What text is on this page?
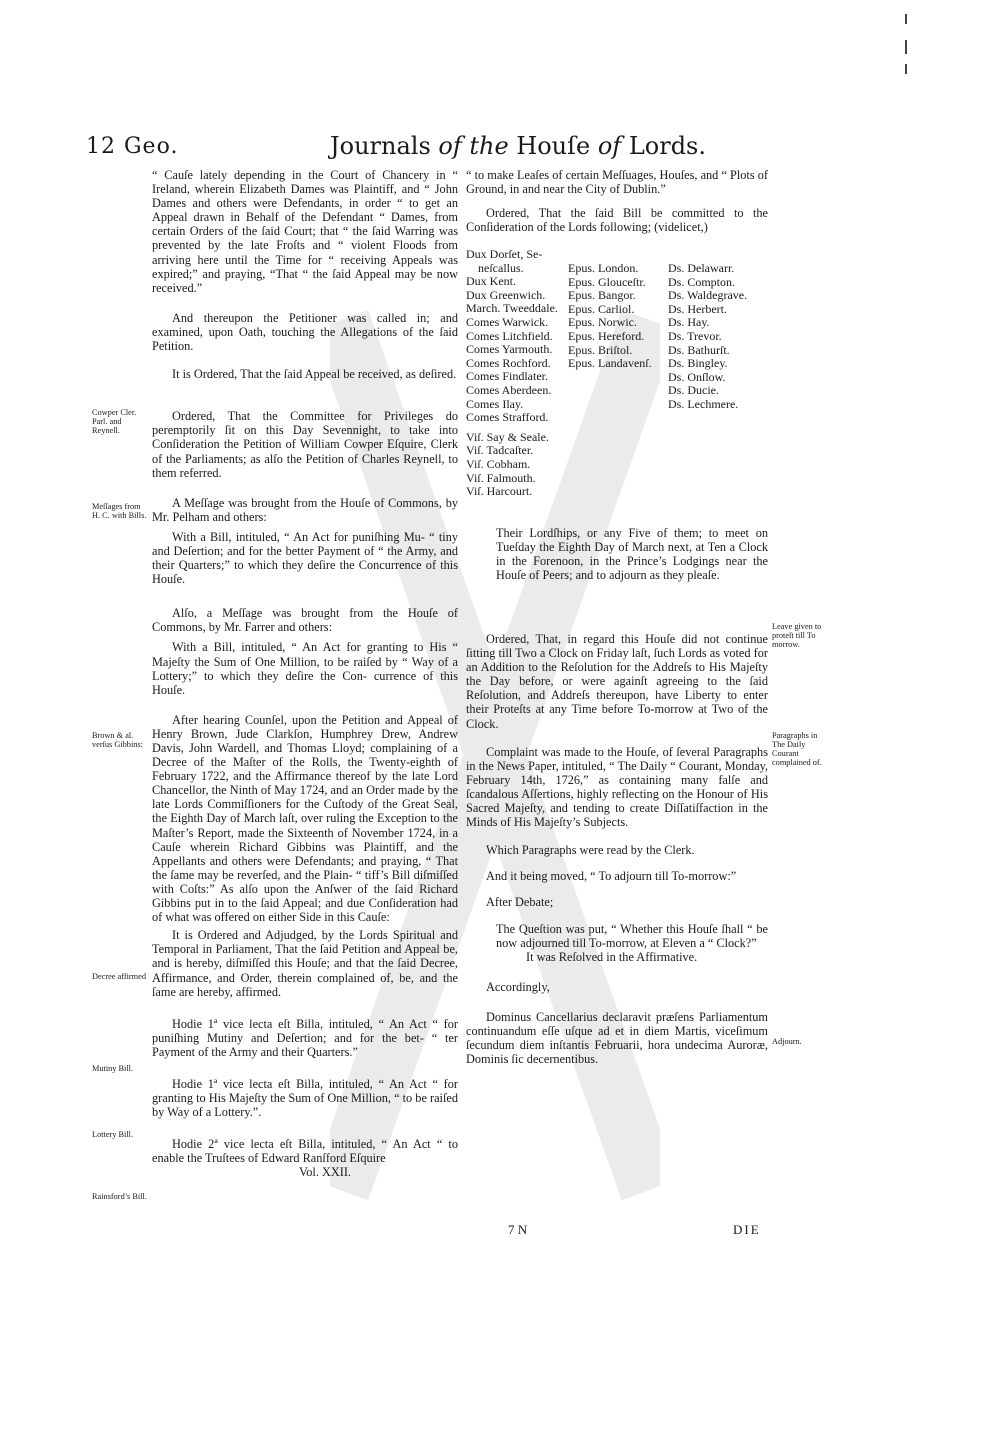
12 Geo.	Journals of the Houſe of Lords.

“ Cauſe lately depending in the Court of Chancery in “ Ireland, wherein Elizabeth Dames was Plaintiff, and “ John Dames and others were Defendants, in order “ to get an Appeal drawn in Behalf of the Defendant “ Dames, from certain Orders of the ſaid Court; that “ the ſaid Warring was prevented by the late Froſts and “ violent Floods from arriving here until the Time for “ receiving Appeals was expired;” and praying, “That “ the ſaid Appeal may be now received.”

And thereupon the Petitioner was called in; and examined, upon Oath, touching the Allegations of the ſaid Petition.

It is Ordered, That the ſaid Appeal be received, as deſired.

Ordered, That the Committee for Privileges do peremptorily ſit on this Day Sevennight, to take into Conſideration the Petition of William Cowper Eſquire, Clerk of the Parliaments; as alſo the Petition of Charles Reynell, to them referred.

A Meſſage was brought from the Houſe of Commons, by Mr. Pelham and others:

With a Bill, intituled, “ An Act for puniſhing Mu- “ tiny and Deſertion; and for the better Payment of “ the Army, and their Quarters;” to which they deſire the Concurrence of this Houſe.

Alſo, a Meſſage was brought from the Houſe of Commons, by Mr. Farrer and others:

With a Bill, intituled, “ An Act for granting to His “ Majeſty the Sum of One Million, to be raiſed by “ Way of a Lottery;” to which they deſire the Con- currence of this Houſe.

After hearing Counſel, upon the Petition and Appeal of Henry Brown, Jude Clarkſon, Humphrey Drew, Andrew Davis, John Wardell, and Thomas Lloyd; complaining of a Decree of the Maſter of the Rolls, the Twenty-eighth of February 1722, and the Affirmance thereof by the late Lord Chancellor, the Ninth of May 1724, and an Order made by the late Lords Commiſſioners for the Cuſtody of the Great Seal, the Eighth Day of March laſt, over ruling the Exception to the Maſter’s Report, made the Sixteenth of November 1724, in a Cauſe wherein Richard Gibbins was Plaintiff, and the Appellants and others were Defendants; and praying, “ That the ſame may be reverſed, and the Plain- “ tiff’s Bill diſmiſſed with Coſts:” As alſo upon the Anſwer of the ſaid Richard Gibbins put in to the ſaid Appeal; and due Conſideration had of what was offered on either Side in this Cauſe:

It is Ordered and Adjudged, by the Lords Spiritual and Temporal in Parliament, That the ſaid Petition and Appeal be, and is hereby, diſmiſſed this Houſe; and that the ſaid Decree, Affirmance, and Order, therein complained of, be, and the ſame are hereby, affirmed.

Hodie 1ª vice lecta eſt Billa, intituled, “ An Act “ for puniſhing Mutiny and Deſertion; and for the bet- “ ter Payment of the Army and their Quarters.”

Hodie 1ª vice lecta eſt Billa, intituled, “ An Act “ for granting to His Majeſty the Sum of One Million, “ to be raiſed by Way of a Lottery.”.

Hodie 2ª vice lecta eſt Billa, intituled, “ An Act “ to enable the Truſtees of Edward Ranſford Eſquire

Vol. XXII.

Cowper Cler. Parl. and Reynell.
Meſſages from H. C. with Bills.
Brown & al. verſus Gibbins:
Decree affirmed
Mutiny Bill.
Lottery Bill.
Rainsford’s Bill.

“ to make Leaſes of certain Meſſuages, Houſes, and “ Plots of Ground, in and near the City of Dublin.”

Ordered, That the ſaid Bill be committed to the Conſideration of the Lords following; (videlicet,)

Dux Dorſet, Se-
neſcallus.
Dux Kent.
Dux Greenwich.
March. Tweeddale.
Comes Warwick.
Comes Litchfield.
Comes Yarmouth.
Comes Rochford.
Comes Findlater.
Comes Aberdeen.
Comes Ilay.
Comes Strafford.
Viſ. Say & Seale.
Viſ. Tadcaſter.
Viſ. Cobham.
Viſ. Falmouth.
Viſ. Harcourt.
Epus. London.
Epus. Glouceſtr.
Epus. Bangor.
Epus. Carliol.
Epus. Norwic.
Epus. Hereford.
Epus. Briſtol.
Epus. Landavenſ.
Ds. Delawarr.
Ds. Compton.
Ds. Waldegrave.
Ds. Herbert.
Ds. Hay.
Ds. Trevor.
Ds. Bathurſt.
Ds. Bingley.
Ds. Onſlow.
Ds. Ducie.
Ds. Lechmere.

Their Lordſhips, or any Five of them; to meet on Tueſday the Eighth Day of March next, at Ten a Clock in the Forenoon, in the Prince’s Lodgings near the Houſe of Peers; and to adjourn as they pleaſe.

Ordered, That, in regard this Houſe did not continue ſitting till Two a Clock on Friday laſt, ſuch Lords as voted for an Addition to the Reſolution for the Addreſs to His Majeſty the Day before, or were againſt agreeing to the ſaid Reſolution, and Addreſs thereupon, have Liberty to enter their Proteſts at any Time before To-morrow at Two of the Clock.

Complaint was made to the Houſe, of ſeveral Paragraphs in the News Paper, intituled, “ The Daily “ Courant, Monday, February 14th, 1726,” as containing many falſe and ſcandalous Aſſertions, highly reflecting on the Honour of His Sacred Majeſty, and tending to create Diſſatiſfaction in the Minds of His Majeſty’s Subjects.

Which Paragraphs were read by the Clerk.

And it being moved, “ To adjourn till To-morrow:”

After Debate;

The Queſtion was put, “ Whether this Houſe ſhall “ be now adjourned till To-morrow, at Eleven a “ Clock?”

It was Reſolved in the Affirmative.

Accordingly,

Dominus Cancellarius declaravit præſens Parliamentum continuandum eſſe uſque ad et in diem Martis, viceſimum ſecundum diem inſtantis Februarii, hora undecima Auroræ, Dominis ſic decernentibus.

Leave given to proteſt till To morrow.
Paragraphs in The Daily Courant complained of.
Adjourn.
7 N	DIE
